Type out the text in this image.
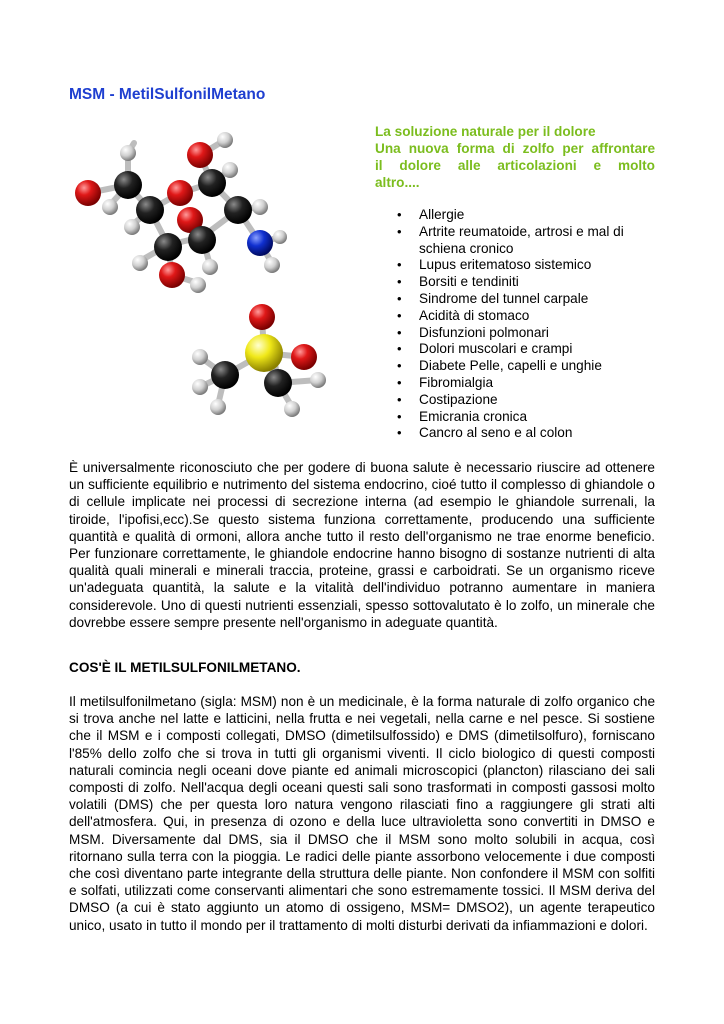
MSM - MetilSulfonilMetano

La soluzione naturale per il dolore
Una nuova forma di zolfo per affrontare
il dolore alle articolazioni e molto
altro....

• Allergie
• Artrite reumatoide, artrosi e mal di schiena cronico
• Lupus eritematoso sistemico
• Borsiti e tendiniti
• Sindrome del tunnel carpale
• Acidità di stomaco
• Disfunzioni polmonari
• Dolori muscolari e crampi
• Diabete Pelle, capelli e unghie
• Fibromialgia
• Costipazione
• Emicrania cronica
• Cancro al seno e al colon

È universalmente riconosciuto che per godere di buona salute è necessario riuscire ad ottenere un sufficiente equilibrio e nutrimento del sistema endocrino, cioé tutto il complesso di ghiandole o di cellule implicate nei processi di secrezione interna (ad esempio le ghiandole surrenali, la tiroide, l'ipofisi,ecc).Se questo sistema funziona correttamente, producendo una sufficiente quantità e qualità di ormoni, allora anche tutto il resto dell'organismo ne trae enorme beneficio. Per funzionare correttamente, le ghiandole endocrine hanno bisogno di sostanze nutrienti di alta qualità quali minerali e minerali traccia, proteine, grassi e carboidrati. Se un organismo riceve un'adeguata quantità, la salute e la vitalità dell'individuo potranno aumentare in maniera considerevole. Uno di questi nutrienti essenziali, spesso sottovalutato è lo zolfo, un minerale che dovrebbe essere sempre presente nell'organismo in adeguate quantità.

COS'È IL METILSULFONILMETANO.

Il metilsulfonilmetano (sigla: MSM) non è un medicinale, è la forma naturale di zolfo organico che si trova anche nel latte e latticini, nella frutta e nei vegetali, nella carne e nel pesce. Si sostiene che il MSM e i composti collegati, DMSO (dimetilsulfossido) e DMS (dimetilsolfuro), forniscano l'85% dello zolfo che si trova in tutti gli organismi viventi. Il ciclo biologico di questi composti naturali comincia negli oceani dove piante ed animali microscopici (plancton) rilasciano dei sali composti di zolfo. Nell'acqua degli oceani questi sali sono trasformati in composti gassosi molto volatili (DMS) che per questa loro natura vengono rilasciati fino a raggiungere gli strati alti dell'atmosfera. Qui, in presenza di ozono e della luce ultravioletta sono convertiti in DMSO e MSM. Diversamente dal DMS, sia il DMSO che il MSM sono molto solubili in acqua, così ritornano sulla terra con la pioggia. Le radici delle piante assorbono velocemente i due composti che così diventano parte integrante della struttura delle piante. Non confondere il MSM con solfiti e solfati, utilizzati come conservanti alimentari che sono estremamente tossici. Il MSM deriva del DMSO (a cui è stato aggiunto un atomo di ossigeno, MSM= DMSO2), un agente terapeutico unico, usato in tutto il mondo per il trattamento di molti disturbi derivati da infiammazioni e dolori.
